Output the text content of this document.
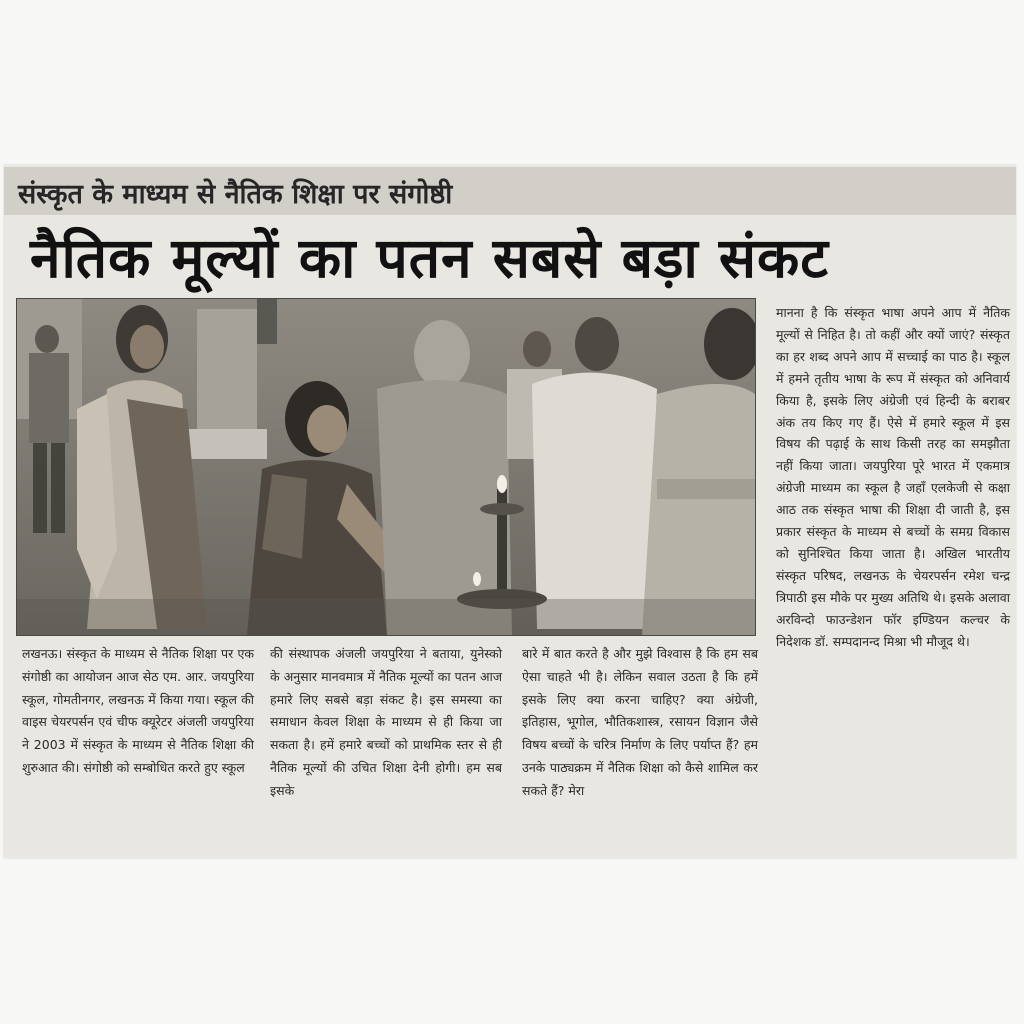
संस्कृत के माध्यम से नैतिक शिक्षा पर संगोष्ठी
नैतिक मूल्यों का पतन सबसे बड़ा संकट
लखनऊ। संस्कृत के माध्यम से नैतिक शिक्षा पर एक संगोष्ठी का आयोजन आज सेठ एम. आर. जयपुरिया स्कूल, गोमतीनगर, लखनऊ में किया गया। स्कूल की वाइस चेयरपर्सन एवं चीफ क्यूरेटर अंजली जयपुरिया ने 2003 में संस्कृत के माध्यम से नैतिक शिक्षा की शुरुआत की। संगोष्ठी को सम्बोधित करते हुए स्कूल
की संस्थापक अंजली जयपुरिया ने बताया, युनेस्को के अनुसार मानवमात्र में नैतिक मूल्यों का पतन आज हमारे लिए सबसे बड़ा संकट है। इस समस्या का समाधान केवल शिक्षा के माध्यम से ही किया जा सकता है। हमें हमारे बच्चों को प्राथमिक स्तर से ही नैतिक मूल्यों की उचित शिक्षा देनी होगी। हम सब इसके
बारे में बात करते है और मुझे विश्वास है कि हम सब ऐसा चाहते भी है। लेकिन सवाल उठता है कि हमें इसके लिए क्या करना चाहिए? क्या अंग्रेजी, इतिहास, भूगोल, भौतिकशास्त्र, रसायन विज्ञान जैसे विषय बच्चों के चरित्र निर्माण के लिए पर्याप्त हैं? हम उनके पाठ्यक्रम में नैतिक शिक्षा को कैसे शामिल कर सकते हैं? मेरा
मानना है कि संस्कृत भाषा अपने आप में नैतिक मूल्यों से निहित है। तो कहीं और क्यों जाएं? संस्कृत का हर शब्द अपने आप में सच्चाई का पाठ है। स्कूल में हमने तृतीय भाषा के रूप में संस्कृत को अनिवार्य किया है, इसके लिए अंग्रेजी एवं हिन्दी के बराबर अंक तय किए गए हैं। ऐसे में हमारे स्कूल में इस विषय की पढ़ाई के साथ किसी तरह का समझौता नहीं किया जाता। जयपुरिया पूरे भारत में एकमात्र अंग्रेजी माध्यम का स्कूल है जहाँ एलकेजी से कक्षा आठ तक संस्कृत भाषा की शिक्षा दी जाती है, इस प्रकार संस्कृत के माध्यम से बच्चों के समग्र विकास को सुनिश्चित किया जाता है। अखिल भारतीय संस्कृत परिषद, लखनऊ के चेयरपर्सन रमेश चन्द्र त्रिपाठी इस मौके पर मुख्य अतिथि थे। इसके अलावा अरविन्दो फाउन्डेशन फॉर इण्डियन कल्चर के निदेशक डॉ. सम्पदानन्द मिश्रा भी मौजूद थे।
